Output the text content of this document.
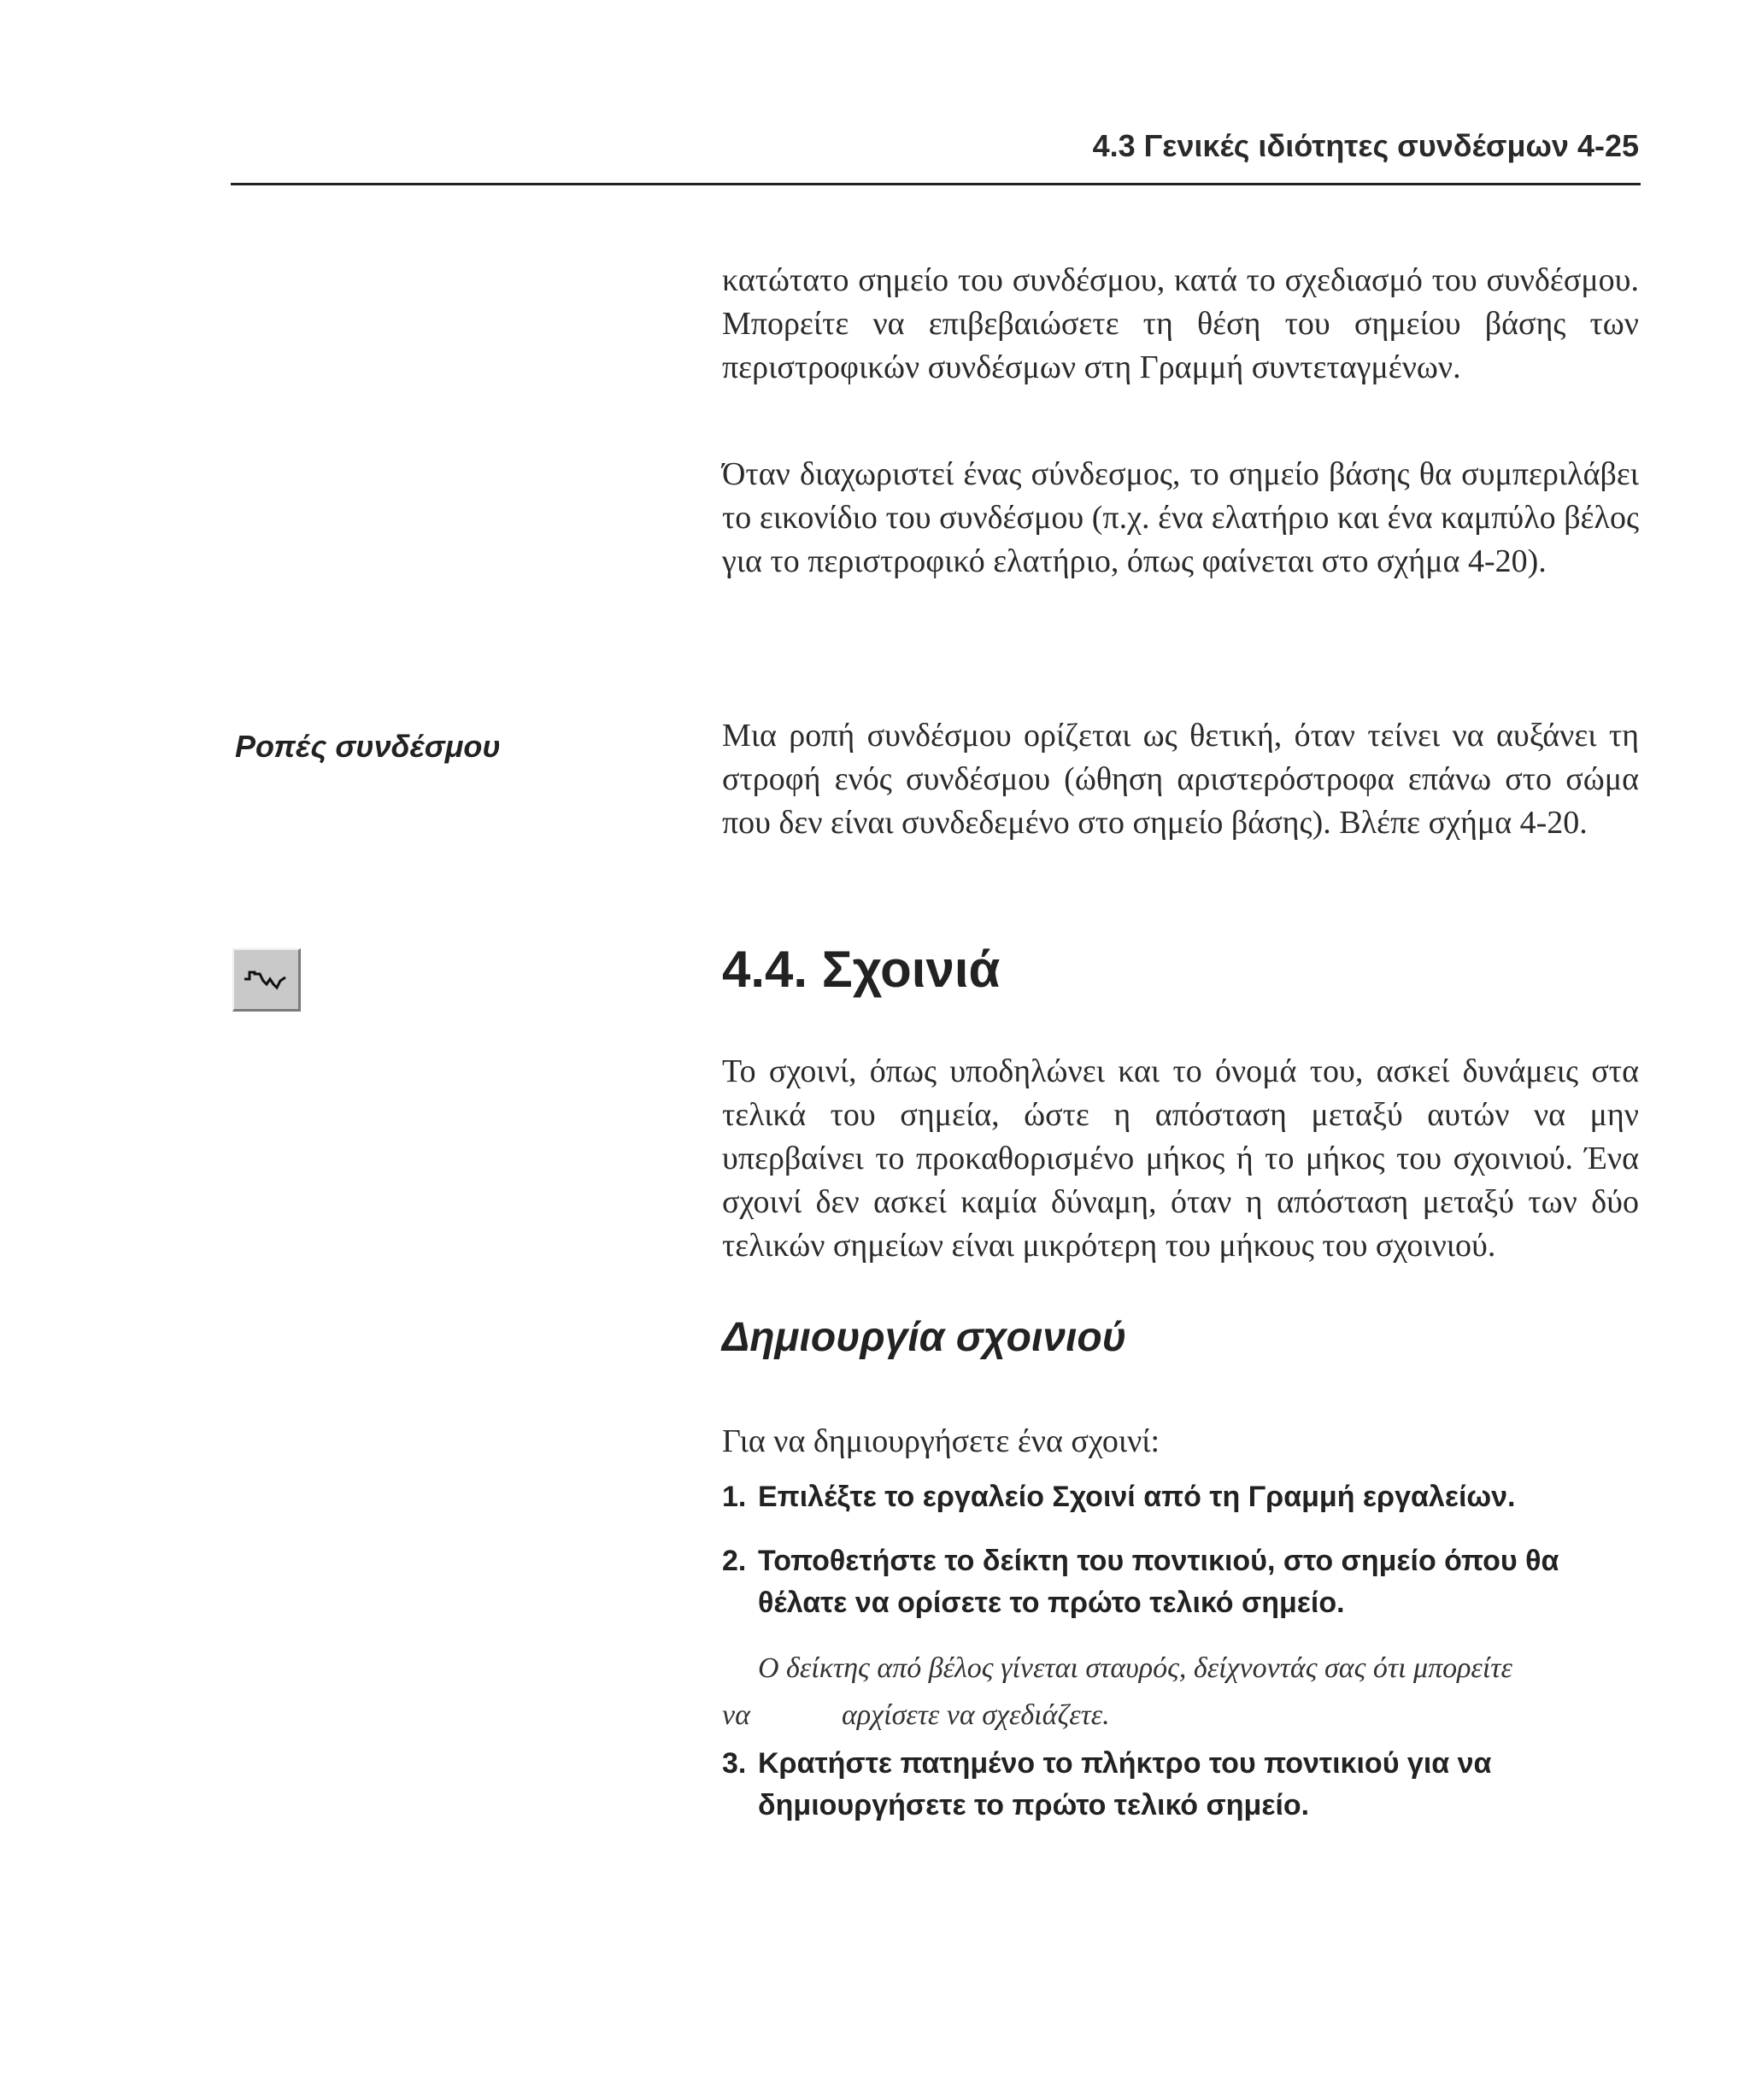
4.3 Γενικές ιδιότητες συνδέσμων 4-25

κατώτατο σημείο του συνδέσμου, κατά το σχεδιασμό του συνδέσμου. Μπορείτε να επιβεβαιώσετε τη θέση του σημείου βάσης των περιστροφικών συνδέσμων στη Γραμμή συντεταγμένων.

Όταν διαχωριστεί ένας σύνδεσμος, το σημείο βάσης θα συμπεριλάβει το εικονίδιο του συνδέσμου (π.χ. ένα ελατήριο και ένα καμπύλο βέλος για το περιστροφικό ελατήριο, όπως φαίνεται στο σχήμα 4-20).

Ροπές συνδέσμου	Μια ροπή συνδέσμου ορίζεται ως θετική, όταν τείνει να αυξάνει τη στροφή ενός συνδέσμου (ώθηση αριστερόστροφα επάνω στο σώμα που δεν είναι συνδεδεμένο στο σημείο βάσης). Βλέπε σχήμα 4-20.

4.4. Σχοινιά

Το σχοινί, όπως υποδηλώνει και το όνομά του, ασκεί δυνάμεις στα τελικά του σημεία, ώστε η απόσταση μεταξύ αυτών να μην υπερβαίνει το προκαθορισμένο μήκος ή το μήκος του σχοινιού. Ένα σχοινί δεν ασκεί καμία δύναμη, όταν η απόσταση μεταξύ των δύο τελικών σημείων είναι μικρότερη του μήκους του σχοινιού.

Δημιουργία σχοινιού

Για να δημιουργήσετε ένα σχοινί:

1. Επιλέξτε το εργαλείο Σχοινί από τη Γραμμή εργαλείων.
2. Τοποθετήστε το δείκτη του ποντικιού, στο σημείο όπου θα θέλατε να ορίσετε το πρώτο τελικό σημείο.
3. Κρατήστε πατημένο το πλήκτρο του ποντικιού για να δημιουργήσετε το πρώτο τελικό σημείο.
Ο δείκτης από βέλος γίνεται σταυρός, δείχνοντάς σας ότι μπορείτε
να	αρχίσετε να σχεδιάζετε.
